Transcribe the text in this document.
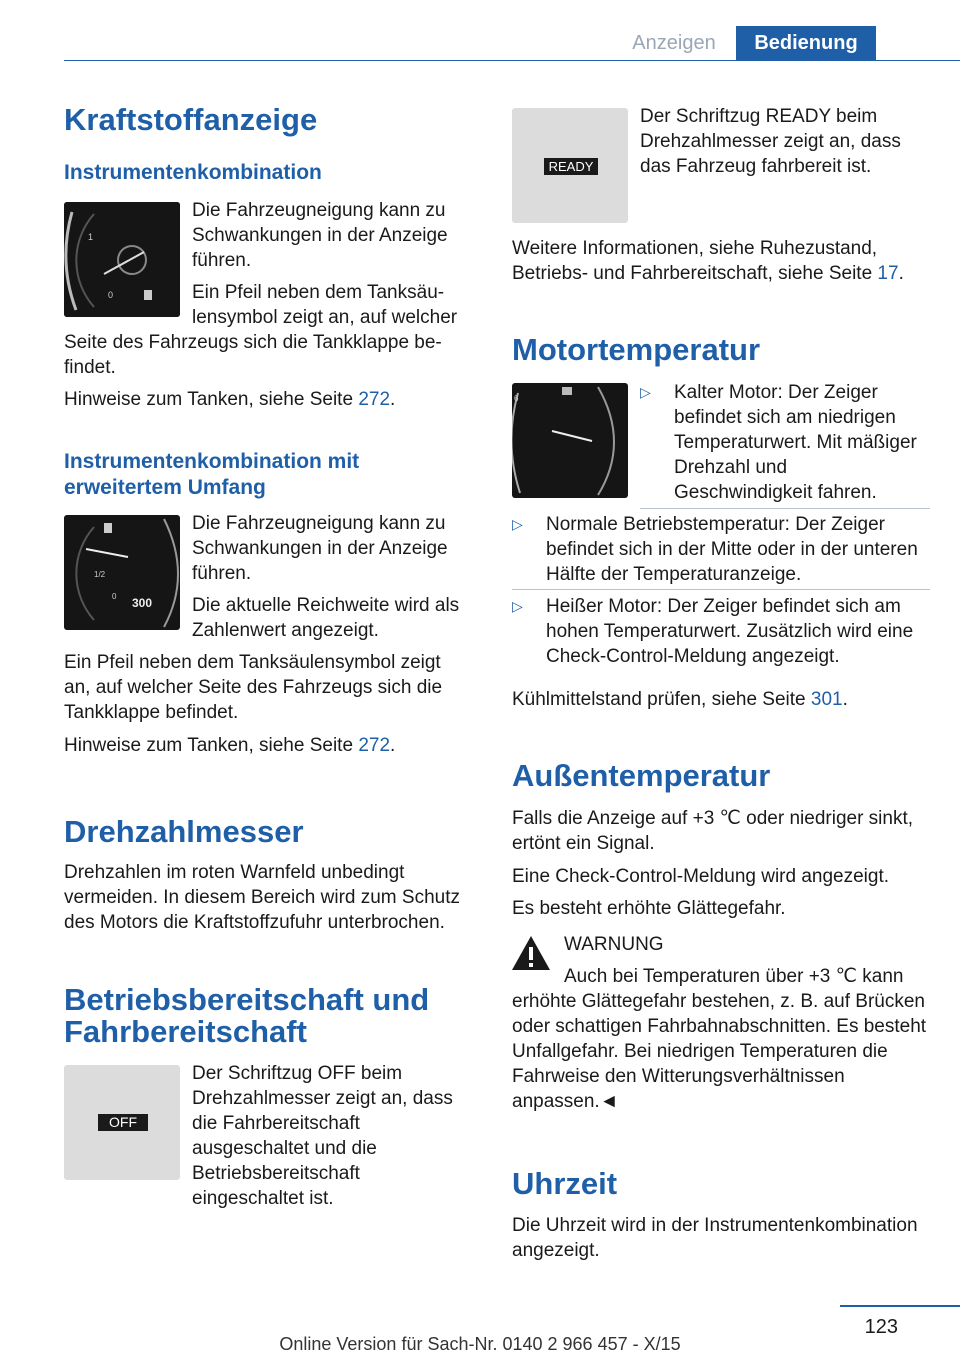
Anzeigen	Bedienung
Kraftstoffanzeige
Instrumentenkombination
1
0

Die Fahrzeugneigung kann zu Schwankungen in der Anzeige führen.

Ein Pfeil neben dem Tanksäu-

lensymbol zeigt an, auf welcher

Seite des Fahrzeugs sich die Tankklappe be-

findet.

Hinweise zum Tanken, siehe Seite 272.

Instrumentenkombination mit
erweitertem Umfang
1/2
0 300

Die Fahrzeugneigung kann zu Schwankungen in der Anzeige führen.

Die aktuelle Reichweite wird als Zahlenwert angezeigt.

Ein Pfeil neben dem Tanksäulensymbol zeigt an, auf welcher Seite des Fahrzeugs sich die Tankklappe befindet.

Hinweise zum Tanken, siehe Seite 272.

Drehzahlmesser

Drehzahlen im roten Warnfeld unbedingt vermeiden. In diesem Bereich wird zum Schutz des Motors die Kraftstoffzufuhr unterbrochen.

Betriebsbereitschaft und
Fahrbereitschaft
OFF

Der Schriftzug OFF beim Drehzahlmesser zeigt an, dass die Fahrbereitschaft ausgeschaltet und die Betriebsbereitschaft eingeschaltet ist.

READY

Der Schriftzug READY beim Drehzahlmesser zeigt an, dass das Fahrzeug fahrbereit ist.

Weitere Informationen, siehe Ruhezustand, Betriebs- und Fahrbereitschaft, siehe Seite 17.

Motortemperatur
6	▷ Kalter Motor: Der Zeiger befindet sich am niedrigen Temperaturwert. Mit mäßiger Drehzahl und Geschwindigkeit fahren.
▷ Normale Betriebstemperatur: Der Zeiger befindet sich in der Mitte oder in der unteren Hälfte der Temperaturanzeige.
▷ Heißer Motor: Der Zeiger befindet sich am hohen Temperaturwert. Zusätzlich wird eine Check-Control-Meldung angezeigt.

Kühlmittelstand prüfen, siehe Seite 301.

Außentemperatur

Falls die Anzeige auf +3 ℃ oder niedriger sinkt, ertönt ein Signal.

Eine Check-Control-Meldung wird angezeigt.

Es besteht erhöhte Glättegefahr.

WARNUNG

Auch bei Temperaturen über +3 ℃ kann

erhöhte Glättegefahr bestehen, z. B. auf Brücken oder schattigen Fahrbahnabschnitten. Es besteht Unfallgefahr. Bei niedrigen Temperaturen die Fahrweise den Witterungsverhältnissen anpassen.◄

Uhrzeit

Die Uhrzeit wird in der Instrumentenkombination angezeigt.

123
Online Version für Sach-Nr. 0140 2 966 457 - X/15
